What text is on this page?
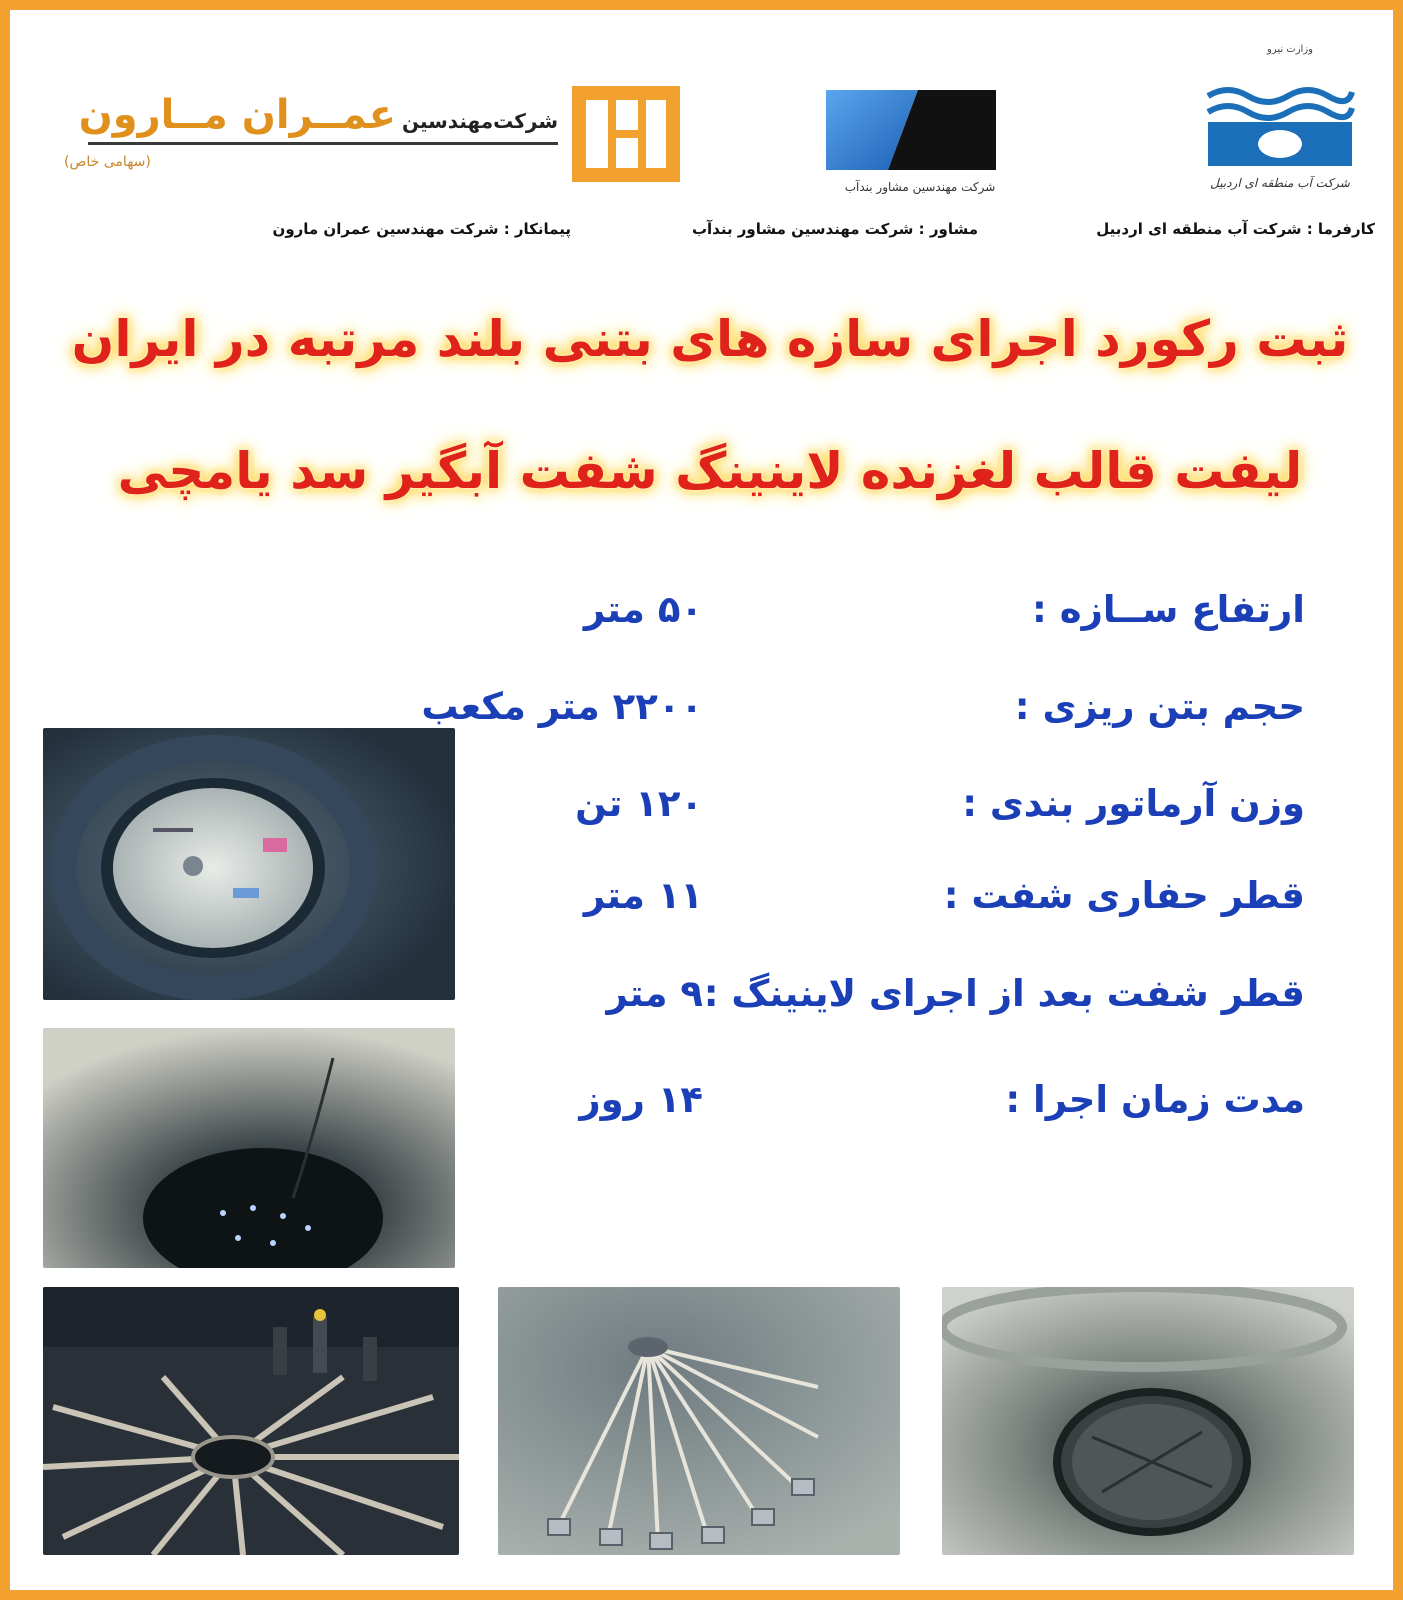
شرکت‌مهندسین
عمــران مــارون
(سهامی خاص)
شرکت مهندسین مشاور بندآب
وزارت نیرو
شرکت آب منطقه ای اردبیل
کارفرما : شرکت آب منطقه ای اردبیل
مشاور : شرکت مهندسین مشاور بندآب
پیمانکار : شرکت مهندسین عمران مارون
ثبت رکورد اجرای سازه های بتنی بلند مرتبه در ایران
لیفت قالب لغزنده لاینینگ شفت آبگیر سد یامچی
ارتفاع ســازه :
۵۰ متر
حجم بتن ریزی :
۲۲۰۰ متر مکعب
وزن آرماتور بندی :
۱۲۰ تن
قطر حفاری شفت :
۱۱ متر
قطر شفت بعد از اجرای لاینینگ :
۹ متر
مدت زمان اجرا :
۱۴ روز
